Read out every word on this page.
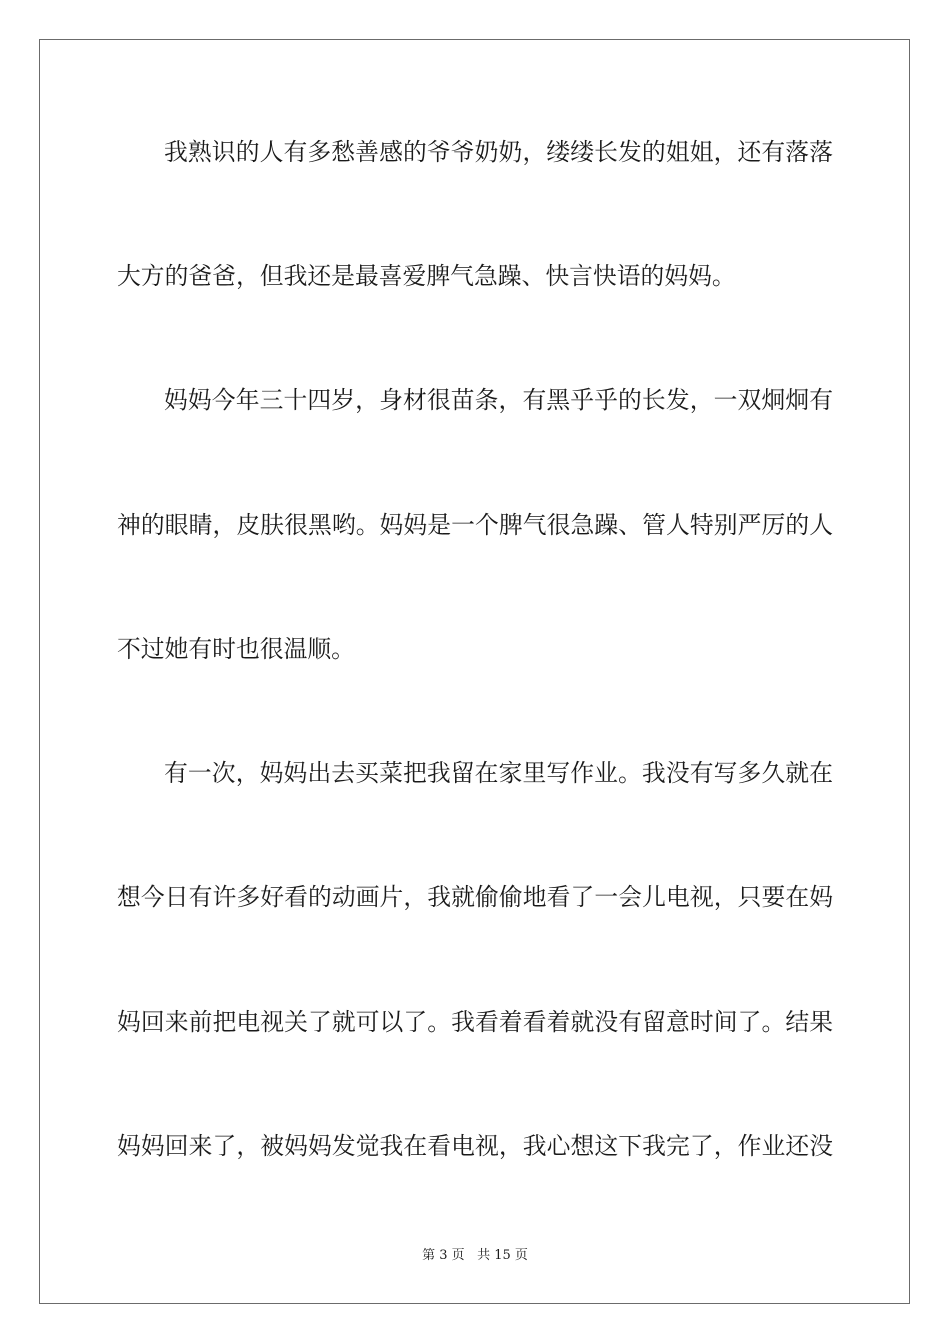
我熟识的人有多愁善感的爷爷奶奶，缕缕长发的姐姐，还有落落
大方的爸爸，但我还是最喜爱脾气急躁、快言快语的妈妈。
妈妈今年三十四岁，身材很苗条，有黑乎乎的长发，一双炯炯有
神的眼睛，皮肤很黑哟。妈妈是一个脾气很急躁、管人特别严厉的人
不过她有时也很温顺。
有一次，妈妈出去买菜把我留在家里写作业。我没有写多久就在
想今日有许多好看的动画片，我就偷偷地看了一会儿电视，只要在妈
妈回来前把电视关了就可以了。我看着看着就没有留意时间了。结果
妈妈回来了，被妈妈发觉我在看电视，我心想这下我完了，作业还没
第 3 页 共 15 页
